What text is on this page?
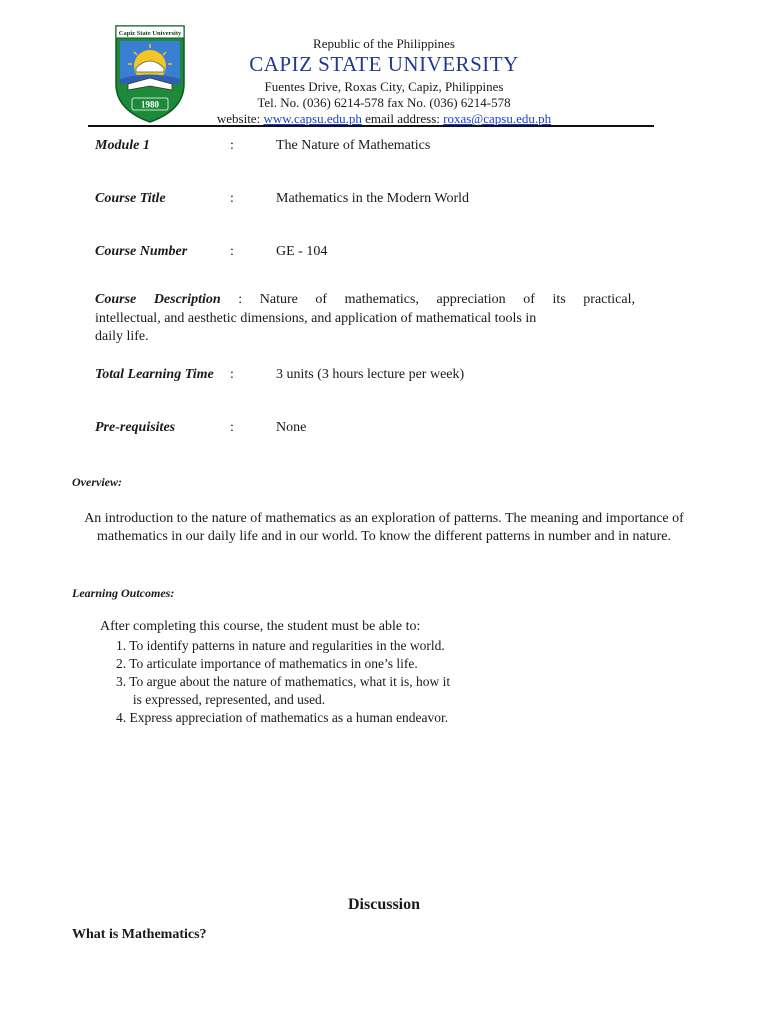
Capiz State University
1980
Republic of the Philippines
CAPIZ STATE UNIVERSITY
Fuentes Drive, Roxas City, Capiz, Philippines
Tel. No. (036) 6214-578 fax No. (036) 6214-578
website: www.capsu.edu.ph email address: roxas@capsu.edu.ph
Module 1	:	The Nature of Mathematics
Course Title	:	Mathematics in the Modern World
Course Number	:	GE - 104
Course Description : Nature of mathematics, appreciation of its practical,
intellectual, and aesthetic dimensions, and application of mathematical tools in
daily life.
Total Learning Time :	3 units (3 hours lecture per week)
Pre-requisites	:	None
Overview:
An introduction to the nature of mathematics as an exploration of patterns. The meaning and importance of mathematics in our daily life and in our world. To know the different patterns in number and in nature.
Learning Outcomes:
After completing this course, the student must be able to:
1. To identify patterns in nature and regularities in the world.
2. To articulate importance of mathematics in one’s life.
3. To argue about the nature of mathematics, what it is, how it
is expressed, represented, and used.
4. Express appreciation of mathematics as a human endeavor.
Discussion
What is Mathematics?
